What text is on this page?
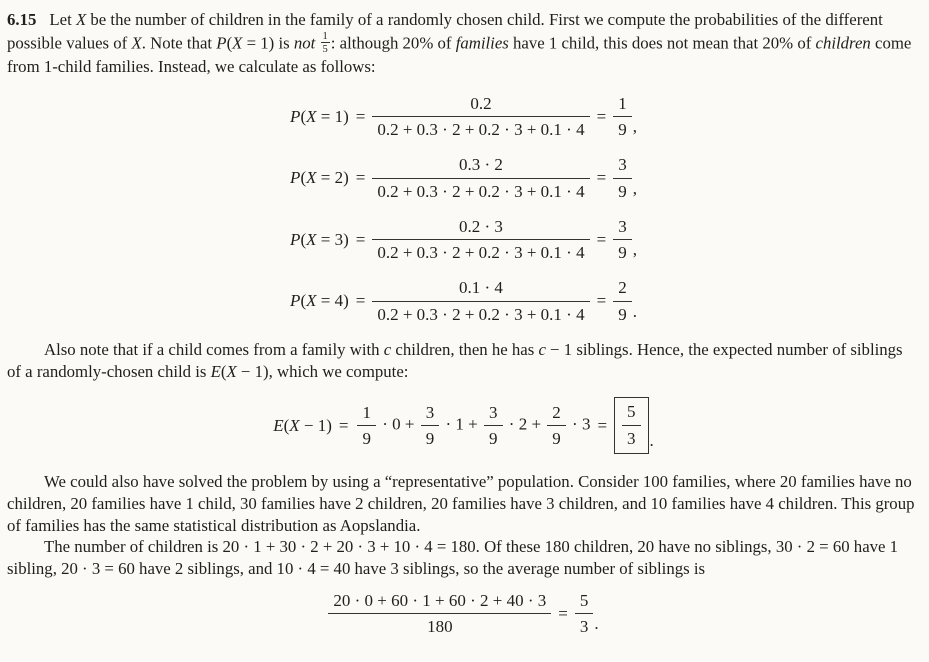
6.15 Let X be the number of children in the family of a randomly chosen child. First we compute the probabilities of the different possible values of X. Note that P(X = 1) is not $\frac{1}{5}$ : although 20% of families have 1 child, this does not mean that 20% of children come from 1-child families. Instead, we calculate as follows:

$P(X = 1) = \frac{0.2}{0.2 + 0.3 \cdot 2 + 0.2 \cdot 3 + 0.1 \cdot 4} = \frac{1}{9}$ ,
$P(X = 2) = \frac{0.3 \cdot 2}{0.2 + 0.3 \cdot 2 + 0.2 \cdot 3 + 0.1 \cdot 4} = \frac{3}{9}$ ,
$P(X = 3) = \frac{0.2 \cdot 3}{0.2 + 0.3 \cdot 2 + 0.2 \cdot 3 + 0.1 \cdot 4} = \frac{3}{9}$ ,
$P(X = 4) = \frac{0.1 \cdot 4}{0.2 + 0.3 \cdot 2 + 0.2 \cdot 3 + 0.1 \cdot 4} = \frac{2}{9}$ .

Also note that if a child comes from a family with c children, then he has c − 1 siblings. Hence, the expected number of siblings of a randomly-chosen child is E(X − 1), which we compute:

$E(X - 1) = \frac{1}{9} \cdot 0 + \frac{3}{9} \cdot 1 + \frac{3}{9} \cdot 2 + \frac{2}{9} \cdot 3 = \frac{5}{3}$ .

We could also have solved the problem by using a “representative” population. Consider 100 families, where 20 families have no children, 20 families have 1 child, 30 families have 2 children, 20 families have 3 children, and 10 families have 4 children. This group of families has the same statistical distribution as Aopslandia.

The number of children is 20 · 1 + 30 · 2 + 20 · 3 + 10 · 4 = 180. Of these 180 children, 20 have no siblings, 30 · 2 = 60 have 1 sibling, 20 · 3 = 60 have 2 siblings, and 10 · 4 = 40 have 3 siblings, so the average number of siblings is

$\frac{20 \cdot 0 + 60 \cdot 1 + 60 \cdot 2 + 40 \cdot 3}{180} = \frac{5}{3}$ .
